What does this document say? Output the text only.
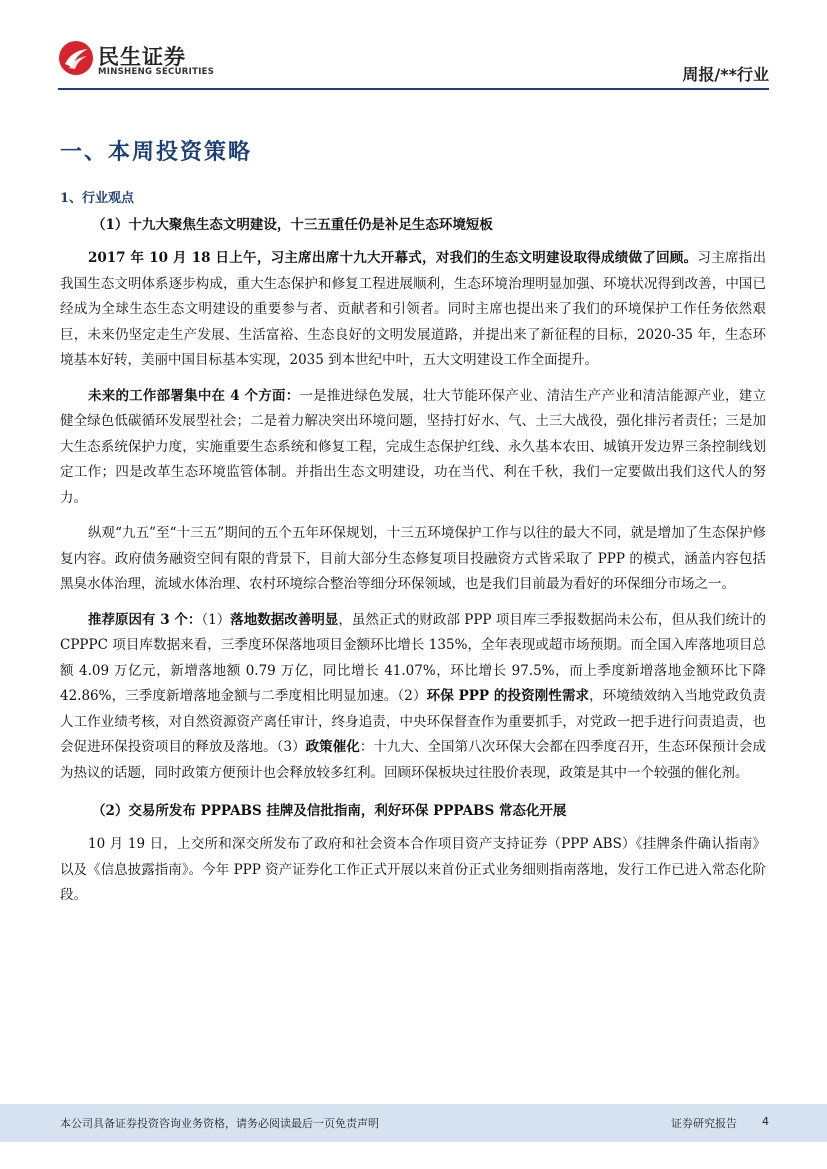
民生证券
MINSHENG SECURITIES	周报/**行业
一、本周投资策略
1、行业观点
（1）十九大聚焦生态文明建设，十三五重任仍是补足生态环境短板

2017 年 10 月 18 日上午，习主席出席十九大开幕式，对我们的生态文明建设取得成绩做了回顾。习主席指出我国生态文明体系逐步构成，重大生态保护和修复工程进展顺利，生态环境治理明显加强、环境状况得到改善，中国已经成为全球生态生态文明建设的重要参与者、贡献者和引领者。同时主席也提出来了我们的环境保护工作任务依然艰巨，未来仍坚定走生产发展、生活富裕、生态良好的文明发展道路，并提出来了新征程的目标，2020-35 年，生态环境基本好转，美丽中国目标基本实现，2035 到本世纪中叶，五大文明建设工作全面提升。

未来的工作部署集中在 4 个方面：一是推进绿色发展，壮大节能环保产业、清洁生产产业和清洁能源产业，建立健全绿色低碳循环发展型社会；二是着力解决突出环境问题，坚持打好水、气、土三大战役，强化排污者责任；三是加大生态系统保护力度，实施重要生态系统和修复工程，完成生态保护红线、永久基本农田、城镇开发边界三条控制线划定工作；四是改革生态环境监管体制。并指出生态文明建设，功在当代、利在千秋，我们一定要做出我们这代人的努力。

纵观“九五”至“十三五”期间的五个五年环保规划，十三五环境保护工作与以往的最大不同，就是增加了生态保护修复内容。政府债务融资空间有限的背景下，目前大部分生态修复项目投融资方式皆采取了 PPP 的模式，涵盖内容包括黑臭水体治理，流域水体治理、农村环境综合整治等细分环保领域，也是我们目前最为看好的环保细分市场之一。

推荐原因有 3 个：（1）落地数据改善明显，虽然正式的财政部 PPP 项目库三季报数据尚未公布，但从我们统计的 CPPPC 项目库数据来看，三季度环保落地项目金额环比增长 135%，全年表现或超市场预期。而全国入库落地项目总额 4.09 万亿元，新增落地额 0.79 万亿，同比增长 41.07%，环比增长 97.5%，而上季度新增落地金额环比下降 42.86%，三季度新增落地金额与二季度相比明显加速。（2）环保 PPP 的投资刚性需求，环境绩效纳入当地党政负责人工作业绩考核，对自然资源资产离任审计，终身追责，中央环保督查作为重要抓手，对党政一把手进行问责追责，也会促进环保投资项目的释放及落地。（3）政策催化：十九大、全国第八次环保大会都在四季度召开，生态环保预计会成为热议的话题，同时政策方便预计也会释放较多红利。回顾环保板块过往股价表现，政策是其中一个较强的催化剂。

（2）交易所发布 PPPABS 挂牌及信批指南，利好环保 PPPABS 常态化开展

10 月 19 日，上交所和深交所发布了政府和社会资本合作项目资产支持证券（PPP ABS）《挂牌条件确认指南》以及《信息披露指南》。今年 PPP 资产证券化工作正式开展以来首份正式业务细则指南落地，发行工作已进入常态化阶段。

本公司具备证券投资咨询业务资格，请务必阅读最后一页免责声明	证券研究报告 4
